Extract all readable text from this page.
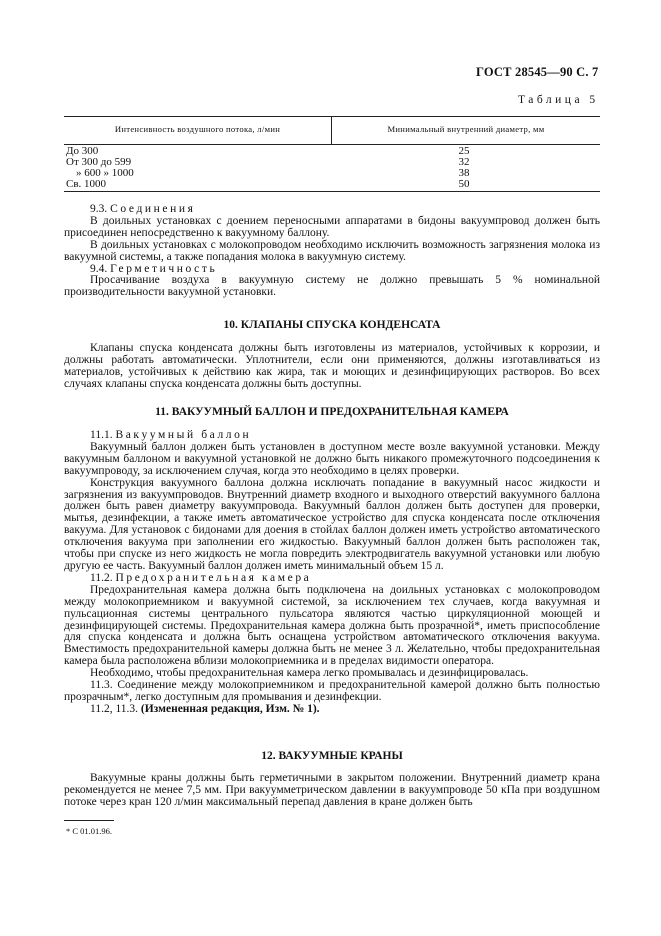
ГОСТ 28545—90 С. 7
Таблица 5
Интенсивность воздушного потока, л/мин	Минимальный внутренний диаметр, мм
До 300	25
От 300 до 599	32
» 600 » 1000	38
Св. 1000	50

9.3. Соединения

В доильных установках с доением переносными аппаратами в бидоны вакуумпровод должен быть присоединен непосредственно к вакуумному баллону.

В доильных установках с молокопроводом необходимо исключить возможность загрязнения молока из вакуумной системы, а также попадания молока в вакуумную систему.

9.4. Герметичность

Просачивание воздуха в вакуумную систему не должно превышать 5 % номинальной производительности вакуумной установки.

10. КЛАПАНЫ СПУСКА КОНДЕНСАТА

Клапаны спуска конденсата должны быть изготовлены из материалов, устойчивых к коррозии, и должны работать автоматически. Уплотнители, если они применяются, должны изготавливаться из материалов, устойчивых к действию как жира, так и моющих и дезинфицирующих растворов. Во всех случаях клапаны спуска конденсата должны быть доступны.

11. ВАКУУМНЫЙ БАЛЛОН И ПРЕДОХРАНИТЕЛЬНАЯ КАМЕРА

11.1. Вакуумный баллон

Вакуумный баллон должен быть установлен в доступном месте возле вакуумной установки. Между вакуумным баллоном и вакуумной установкой не должно быть никакого промежуточного подсоединения к вакуумпроводу, за исключением случая, когда это необходимо в целях проверки.

Конструкция вакуумного баллона должна исключать попадание в вакуумный насос жидкости и загрязнения из вакуумпроводов. Внутренний диаметр входного и выходного отверстий вакуумного баллона должен быть равен диаметру вакуумпровода. Вакуумный баллон должен быть доступен для проверки, мытья, дезинфекции, а также иметь автоматическое устройство для спуска конденсата после отключения вакуума. Для установок с бидонами для доения в стойлах баллон должен иметь устройство автоматического отключения вакуума при заполнении его жидкостью. Вакуумный баллон должен быть расположен так, чтобы при спуске из него жидкость не могла повредить электродвигатель вакуумной установки или любую другую ее часть. Вакуумный баллон должен иметь минимальный объем 15 л.

11.2. Предохранительная камера

Предохранительная камера должна быть подключена на доильных установках с молокопроводом между молокоприемником и вакуумной системой, за исключением тех случаев, когда вакуумная и пульсационная системы центрального пульсатора являются частью циркуляционной моющей и дезинфицирующей системы. Предохранительная камера должна быть прозрачной*, иметь приспособление для спуска конденсата и должна быть оснащена устройством автоматического отключения вакуума. Вместимость предохранительной камеры должна быть не менее 3 л. Желательно, чтобы предохранительная камера была расположена вблизи молокоприемника и в пределах видимости оператора.

Необходимо, чтобы предохранительная камера легко промывалась и дезинфицировалась.

11.3. Соединение между молокоприемником и предохранительной камерой должно быть полностью прозрачным*, легко доступным для промывания и дезинфекции.

11.2, 11.3. (Измененная редакция, Изм. № 1).

12. ВАКУУМНЫЕ КРАНЫ

Вакуумные краны должны быть герметичными в закрытом положении. Внутренний диаметр крана рекомендуется не менее 7,5 мм. При вакуумметрическом давлении в вакуумпроводе 50 кПа при воздушном потоке через кран 120 л/мин максимальный перепад давления в кране должен быть

* С 01.01.96.
